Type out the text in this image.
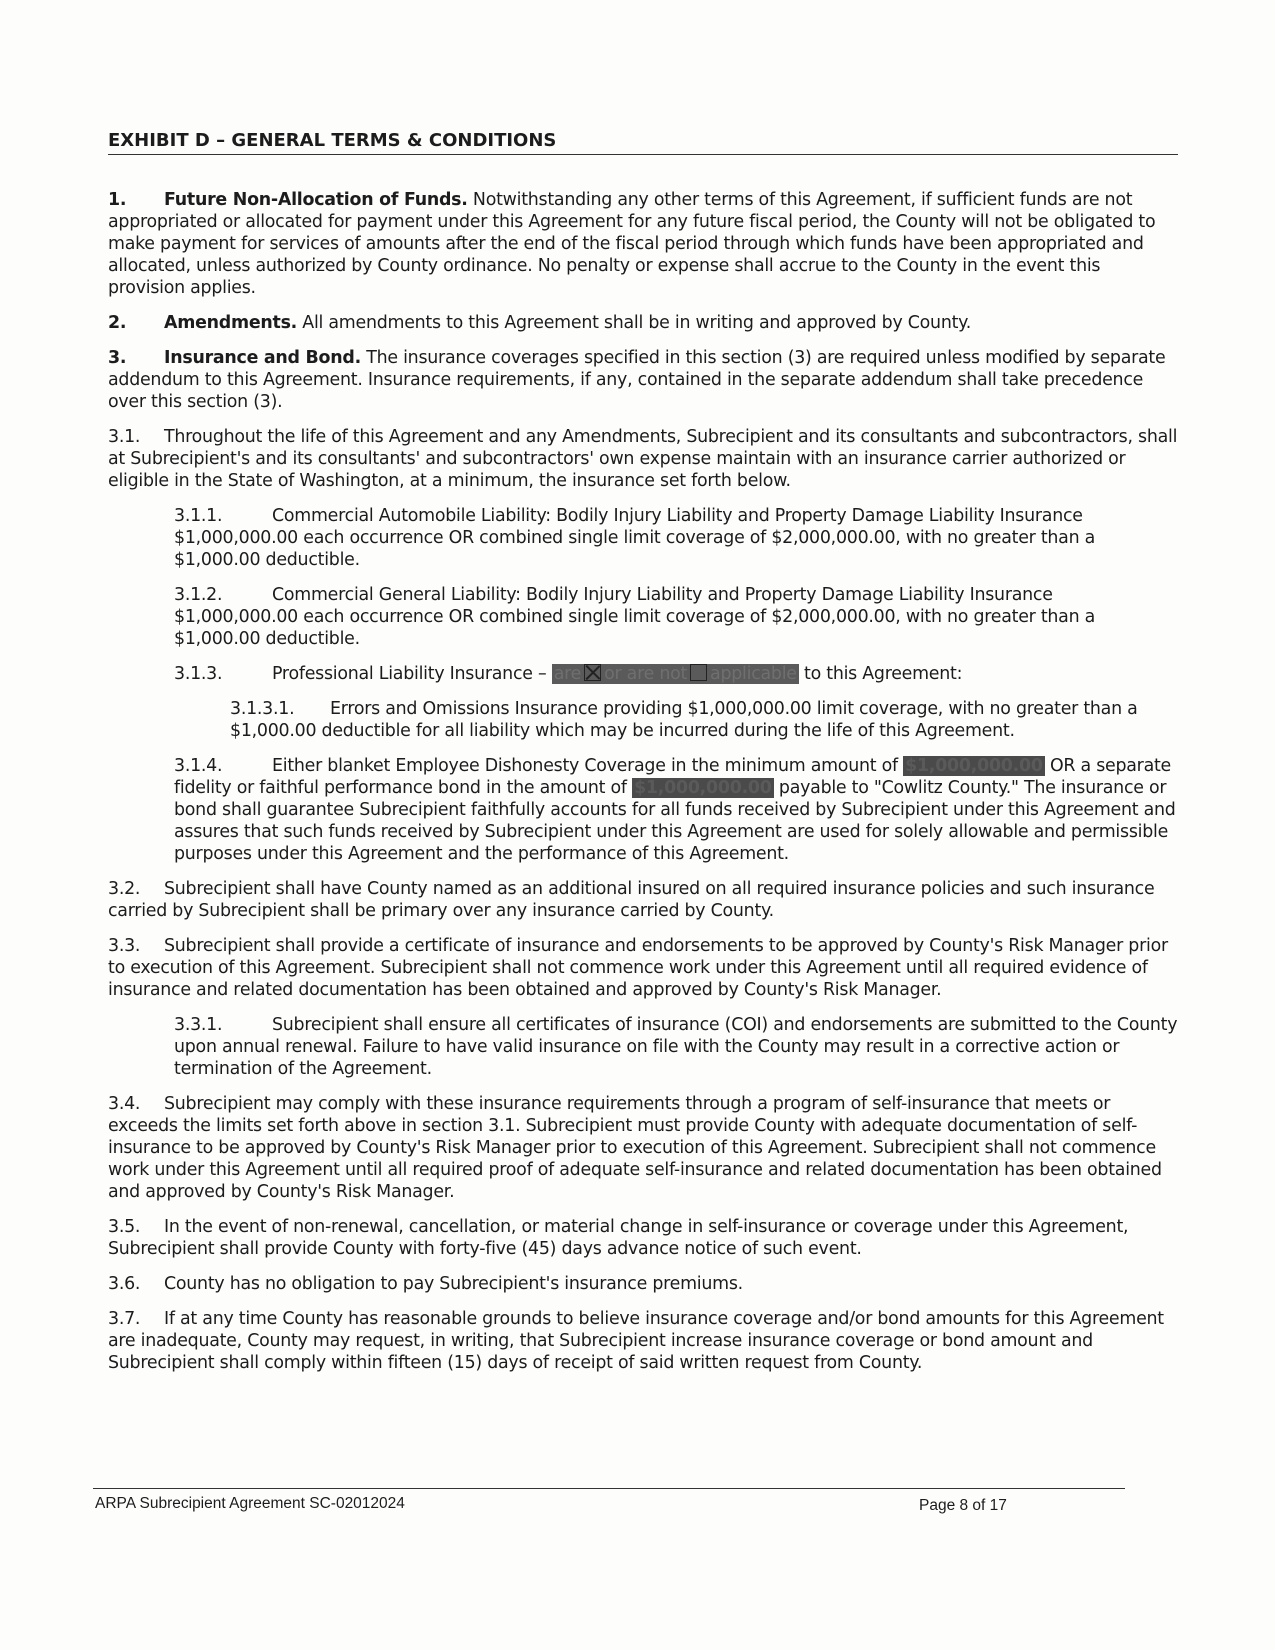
EXHIBIT D – GENERAL TERMS & CONDITIONS

1. Future Non-Allocation of Funds. Notwithstanding any other terms of this Agreement, if sufficient funds are not appropriated or allocated for payment under this Agreement for any future fiscal period, the County will not be obligated to make payment for services of amounts after the end of the fiscal period through which funds have been appropriated and allocated, unless authorized by County ordinance. No penalty or expense shall accrue to the County in the event this provision applies.

2. Amendments. All amendments to this Agreement shall be in writing and approved by County.

3. Insurance and Bond. The insurance coverages specified in this section (3) are required unless modified by separate addendum to this Agreement. Insurance requirements, if any, contained in the separate addendum shall take precedence over this section (3).

3.1. Throughout the life of this Agreement and any Amendments, Subrecipient and its consultants and subcontractors, shall at Subrecipient's and its consultants' and subcontractors' own expense maintain with an insurance carrier authorized or eligible in the State of Washington, at a minimum, the insurance set forth below.

3.1.1.	Commercial Automobile Liability: Bodily Injury Liability and Property Damage Liability Insurance $1,000,000.00 each occurrence OR combined single limit coverage of $2,000,000.00, with no greater than a $1,000.00 deductible.

3.1.2.	Commercial General Liability: Bodily Injury Liability and Property Damage Liability Insurance $1,000,000.00 each occurrence OR combined single limit coverage of $2,000,000.00, with no greater than a $1,000.00 deductible.

3.1.3.	Professional Liability Insurance – are or are not applicable to this Agreement:

3.1.3.1. Errors and Omissions Insurance providing $1,000,000.00 limit coverage, with no greater than a $1,000.00 deductible for all liability which may be incurred during the life of this Agreement.

3.1.4.	Either blanket Employee Dishonesty Coverage in the minimum amount of $1,000,000.00 OR a separate fidelity or faithful performance bond in the amount of $1,000,000.00 payable to "Cowlitz County." The insurance or bond shall guarantee Subrecipient faithfully accounts for all funds received by Subrecipient under this Agreement and assures that such funds received by Subrecipient under this Agreement are used for solely allowable and permissible purposes under this Agreement and the performance of this Agreement.

3.2. Subrecipient shall have County named as an additional insured on all required insurance policies and such insurance carried by Subrecipient shall be primary over any insurance carried by County.

3.3. Subrecipient shall provide a certificate of insurance and endorsements to be approved by County's Risk Manager prior to execution of this Agreement. Subrecipient shall not commence work under this Agreement until all required evidence of insurance and related documentation has been obtained and approved by County's Risk Manager.

3.3.1.	Subrecipient shall ensure all certificates of insurance (COI) and endorsements are submitted to the County upon annual renewal. Failure to have valid insurance on file with the County may result in a corrective action or termination of the Agreement.

3.4. Subrecipient may comply with these insurance requirements through a program of self-insurance that meets or exceeds the limits set forth above in section 3.1. Subrecipient must provide County with adequate documentation of self-insurance to be approved by County's Risk Manager prior to execution of this Agreement. Subrecipient shall not commence work under this Agreement until all required proof of adequate self-insurance and related documentation has been obtained and approved by County's Risk Manager.

3.5. In the event of non-renewal, cancellation, or material change in self-insurance or coverage under this Agreement, Subrecipient shall provide County with forty-five (45) days advance notice of such event.

3.6. County has no obligation to pay Subrecipient's insurance premiums.

3.7. If at any time County has reasonable grounds to believe insurance coverage and/or bond amounts for this Agreement are inadequate, County may request, in writing, that Subrecipient increase insurance coverage or bond amount and Subrecipient shall comply within fifteen (15) days of receipt of said written request from County.

ARPA Subrecipient Agreement SC-02012024	Page 8 of 17
